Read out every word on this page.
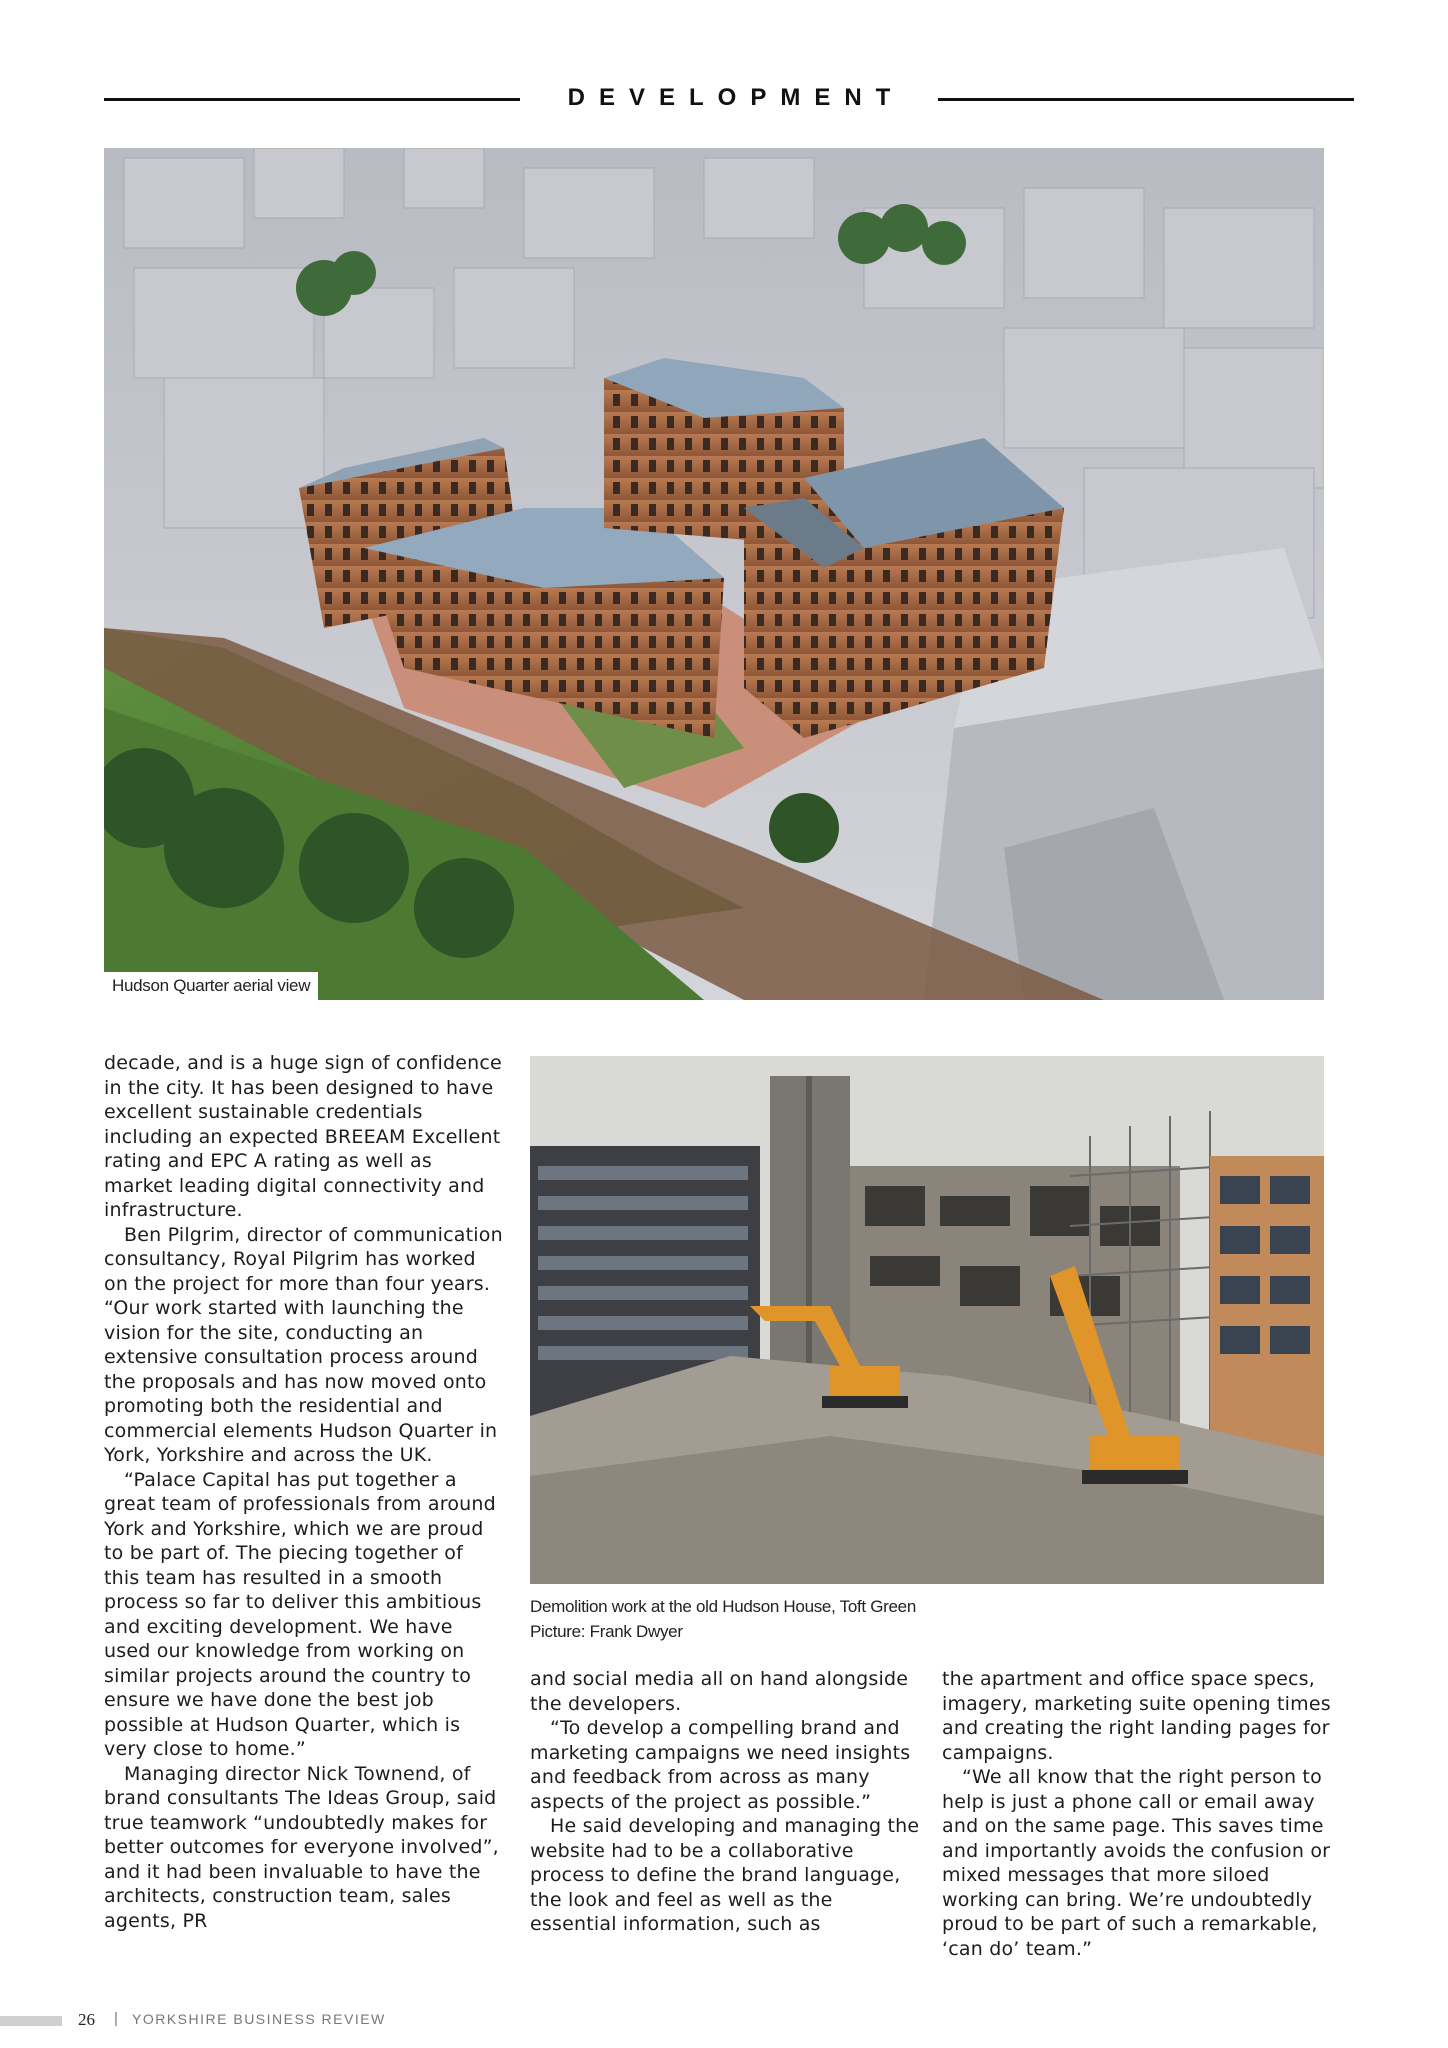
DEVELOPMENT
Hudson Quarter aerial view

decade, and is a huge sign of confidence in the city. It has been designed to have excellent sustainable credentials including an expected BREEAM Excellent rating and EPC A rating as well as market leading digital connectivity and infrastructure.

Ben Pilgrim, director of communication consultancy, Royal Pilgrim has worked on the project for more than four years. “Our work started with launching the vision for the site, conducting an extensive consultation process around the proposals and has now moved onto promoting both the residential and commercial elements Hudson Quarter in York, Yorkshire and across the UK.

“Palace Capital has put together a great team of professionals from around York and Yorkshire, which we are proud to be part of. The piecing together of this team has resulted in a smooth process so far to deliver this ambitious and exciting development. We have used our knowledge from working on similar projects around the country to ensure we have done the best job possible at Hudson Quarter, which is very close to home.”

Managing director Nick Townend, of brand consultants The Ideas Group, said true teamwork “undoubtedly makes for better outcomes for everyone involved”, and it had been invaluable to have the architects, construction team, sales agents, PR

Demolition work at the old Hudson House, Toft Green
Picture: Frank Dwyer

and social media all on hand alongside the developers.

“To develop a compelling brand and marketing campaigns we need insights and feedback from across as many aspects of the project as possible.”

He said developing and managing the website had to be a collaborative process to define the brand language, the look and feel as well as the essential information, such as

the apartment and office space specs, imagery, marketing suite opening times and creating the right landing pages for campaigns.

“We all know that the right person to help is just a phone call or email away and on the same page. This saves time and importantly avoids the confusion or mixed messages that more siloed working can bring. We’re undoubtedly proud to be part of such a remarkable, ‘can do’ team.”

26 | YORKSHIRE BUSINESS REVIEW
